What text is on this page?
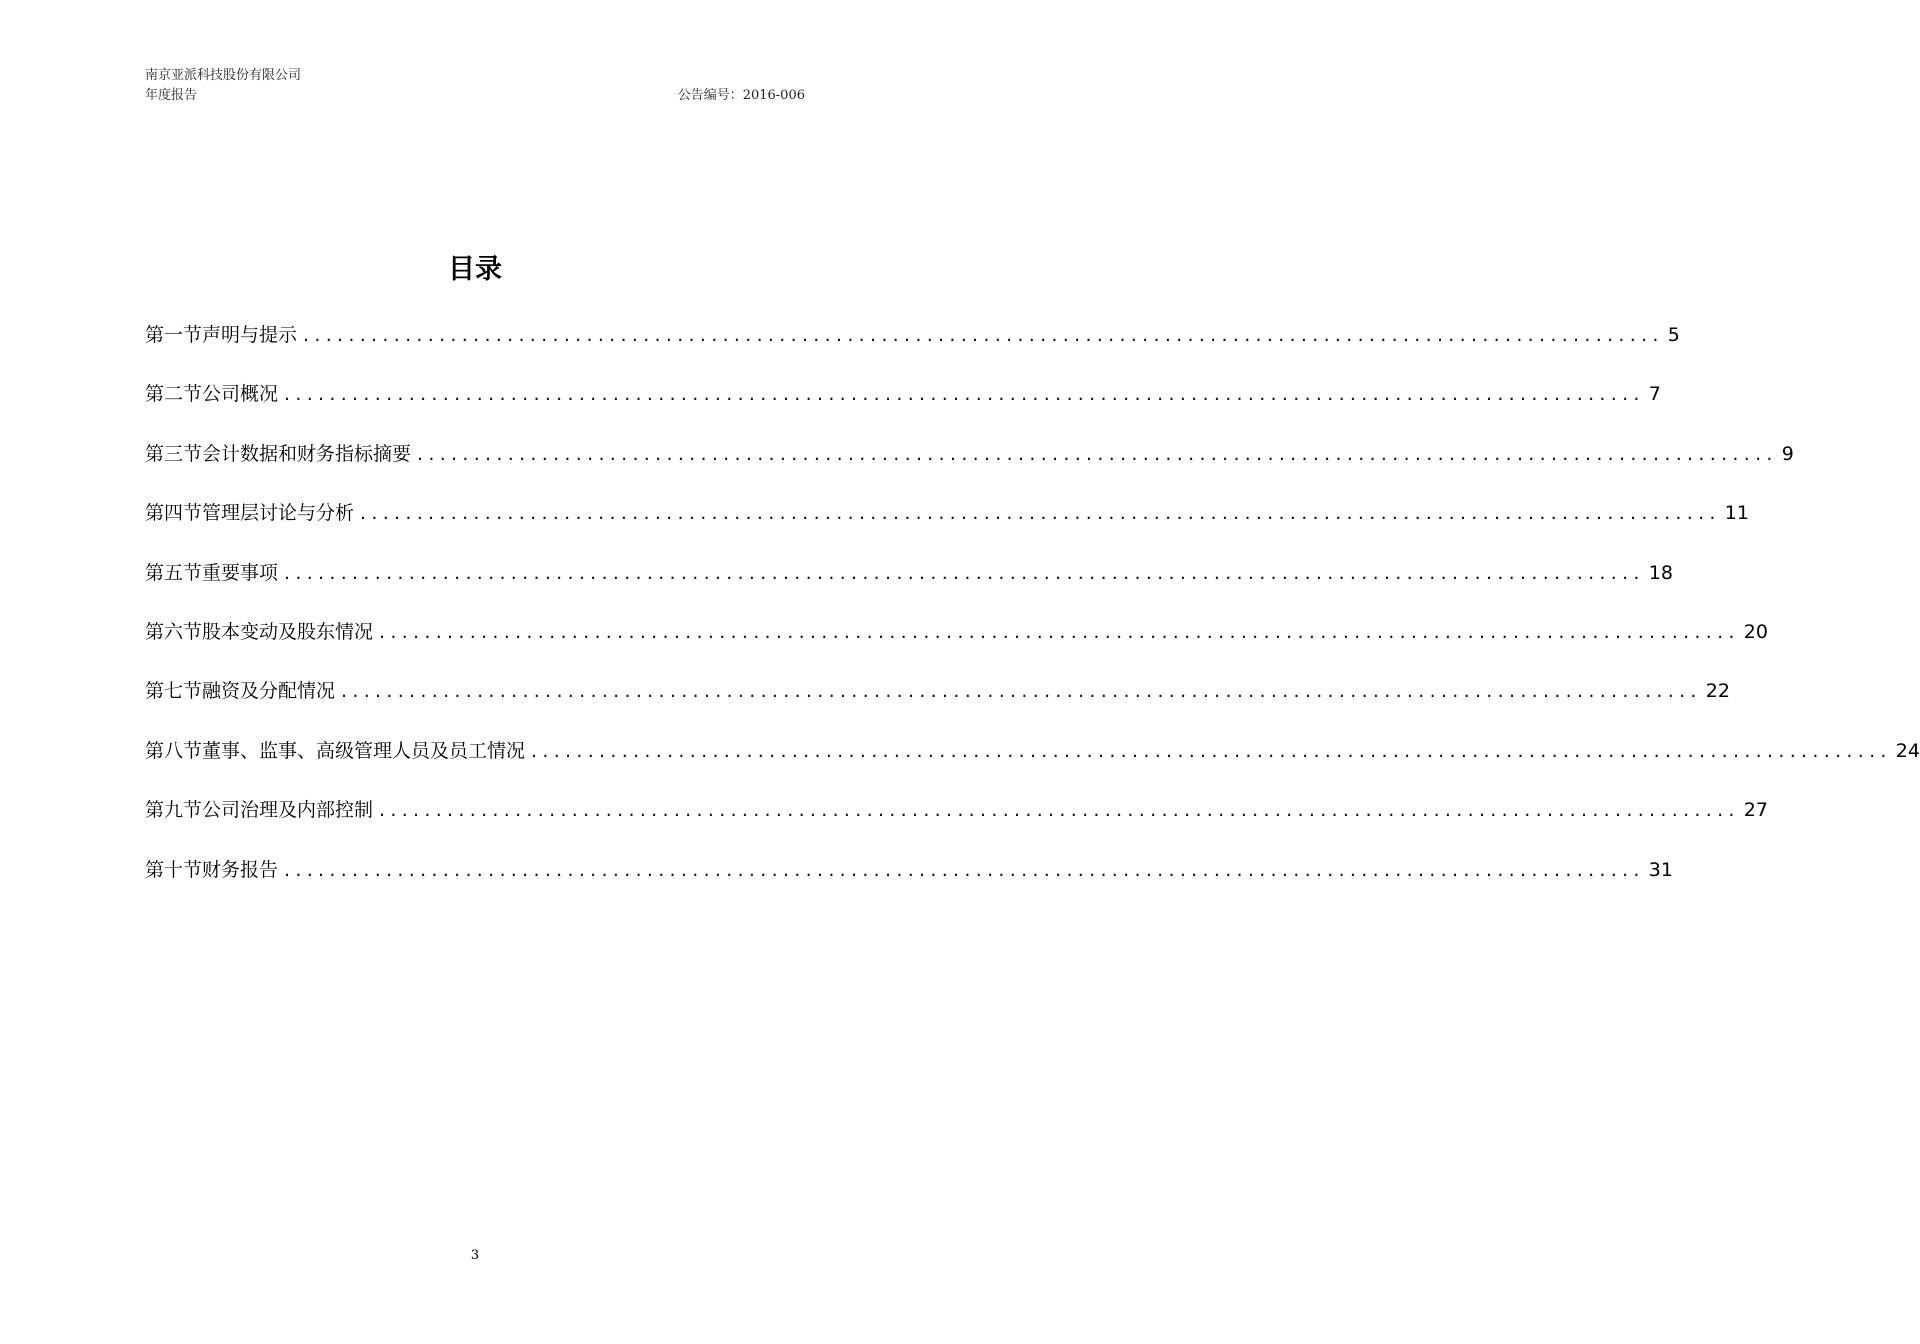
南京亚派科技股份有限公司
年度报告	公告编号：2016-006
目录
第一节声明与提示 ........................................................................................................................ 5
第二节公司概况 ........................................................................................................................ 7
第三节会计数据和财务指标摘要 ........................................................................................................................ 9
第四节管理层讨论与分析 ........................................................................................................................ 11
第五节重要事项 ........................................................................................................................ 18
第六节股本变动及股东情况 ........................................................................................................................ 20
第七节融资及分配情况 ........................................................................................................................ 22
第八节董事、监事、高级管理人员及员工情况 ........................................................................................................................ 24
第九节公司治理及内部控制 ........................................................................................................................ 27
第十节财务报告 ........................................................................................................................ 31
3
